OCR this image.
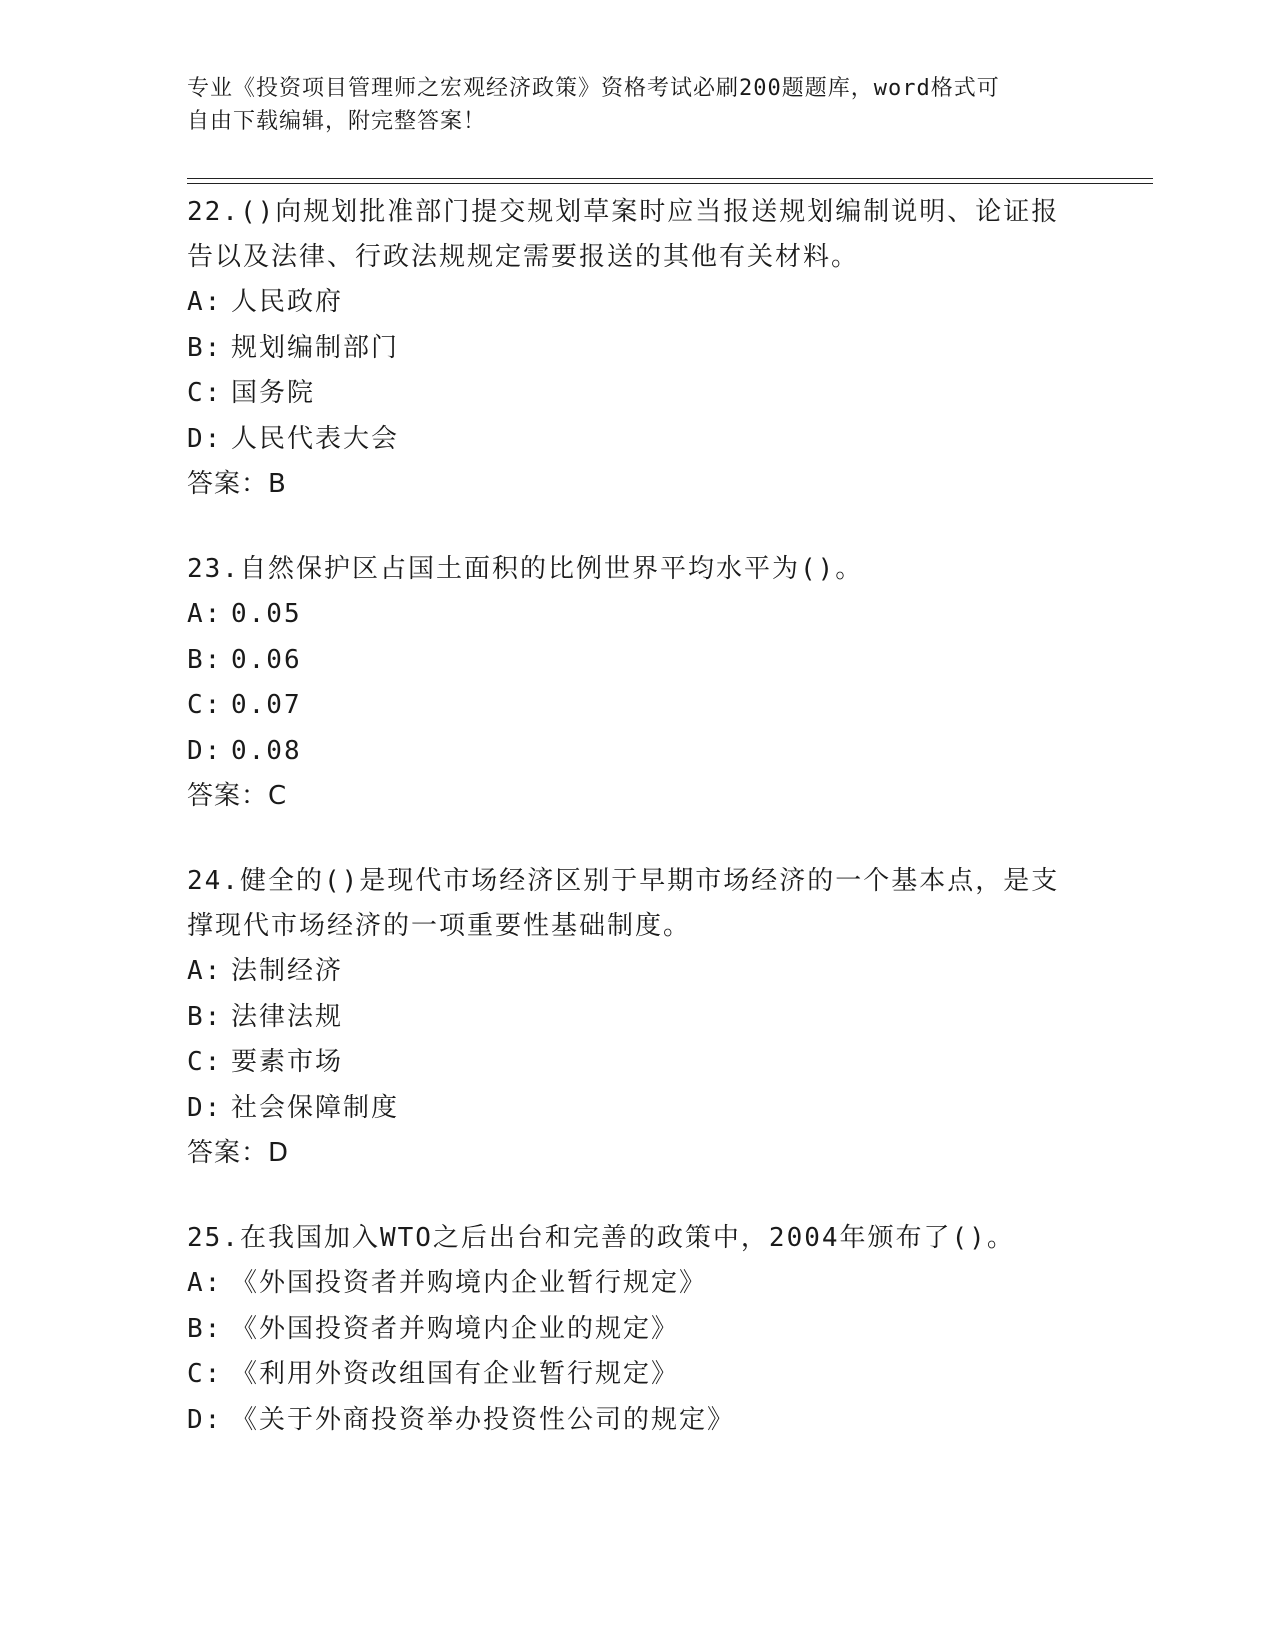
专业《投资项目管理师之宏观经济政策》资格考试必刷200题题库，word格式可
自由下载编辑，附完整答案！

22.()向规划批准部门提交规划草案时应当报送规划编制说明、论证报告以及法律、行政法规规定需要报送的其他有关材料。

A: 人民政府

B: 规划编制部门

C: 国务院

D: 人民代表大会

答案：B

23.自然保护区占国土面积的比例世界平均水平为()。

A: 0.05

B: 0.06

C: 0.07

D: 0.08

答案：C

24.健全的()是现代市场经济区别于早期市场经济的一个基本点，是支撑现代市场经济的一项重要性基础制度。

A: 法制经济

B: 法律法规

C: 要素市场

D: 社会保障制度

答案：D

25.在我国加入WTO之后出台和完善的政策中，2004年颁布了()。

A: 《外国投资者并购境内企业暂行规定》

B: 《外国投资者并购境内企业的规定》

C: 《利用外资改组国有企业暂行规定》

D: 《关于外商投资举办投资性公司的规定》
